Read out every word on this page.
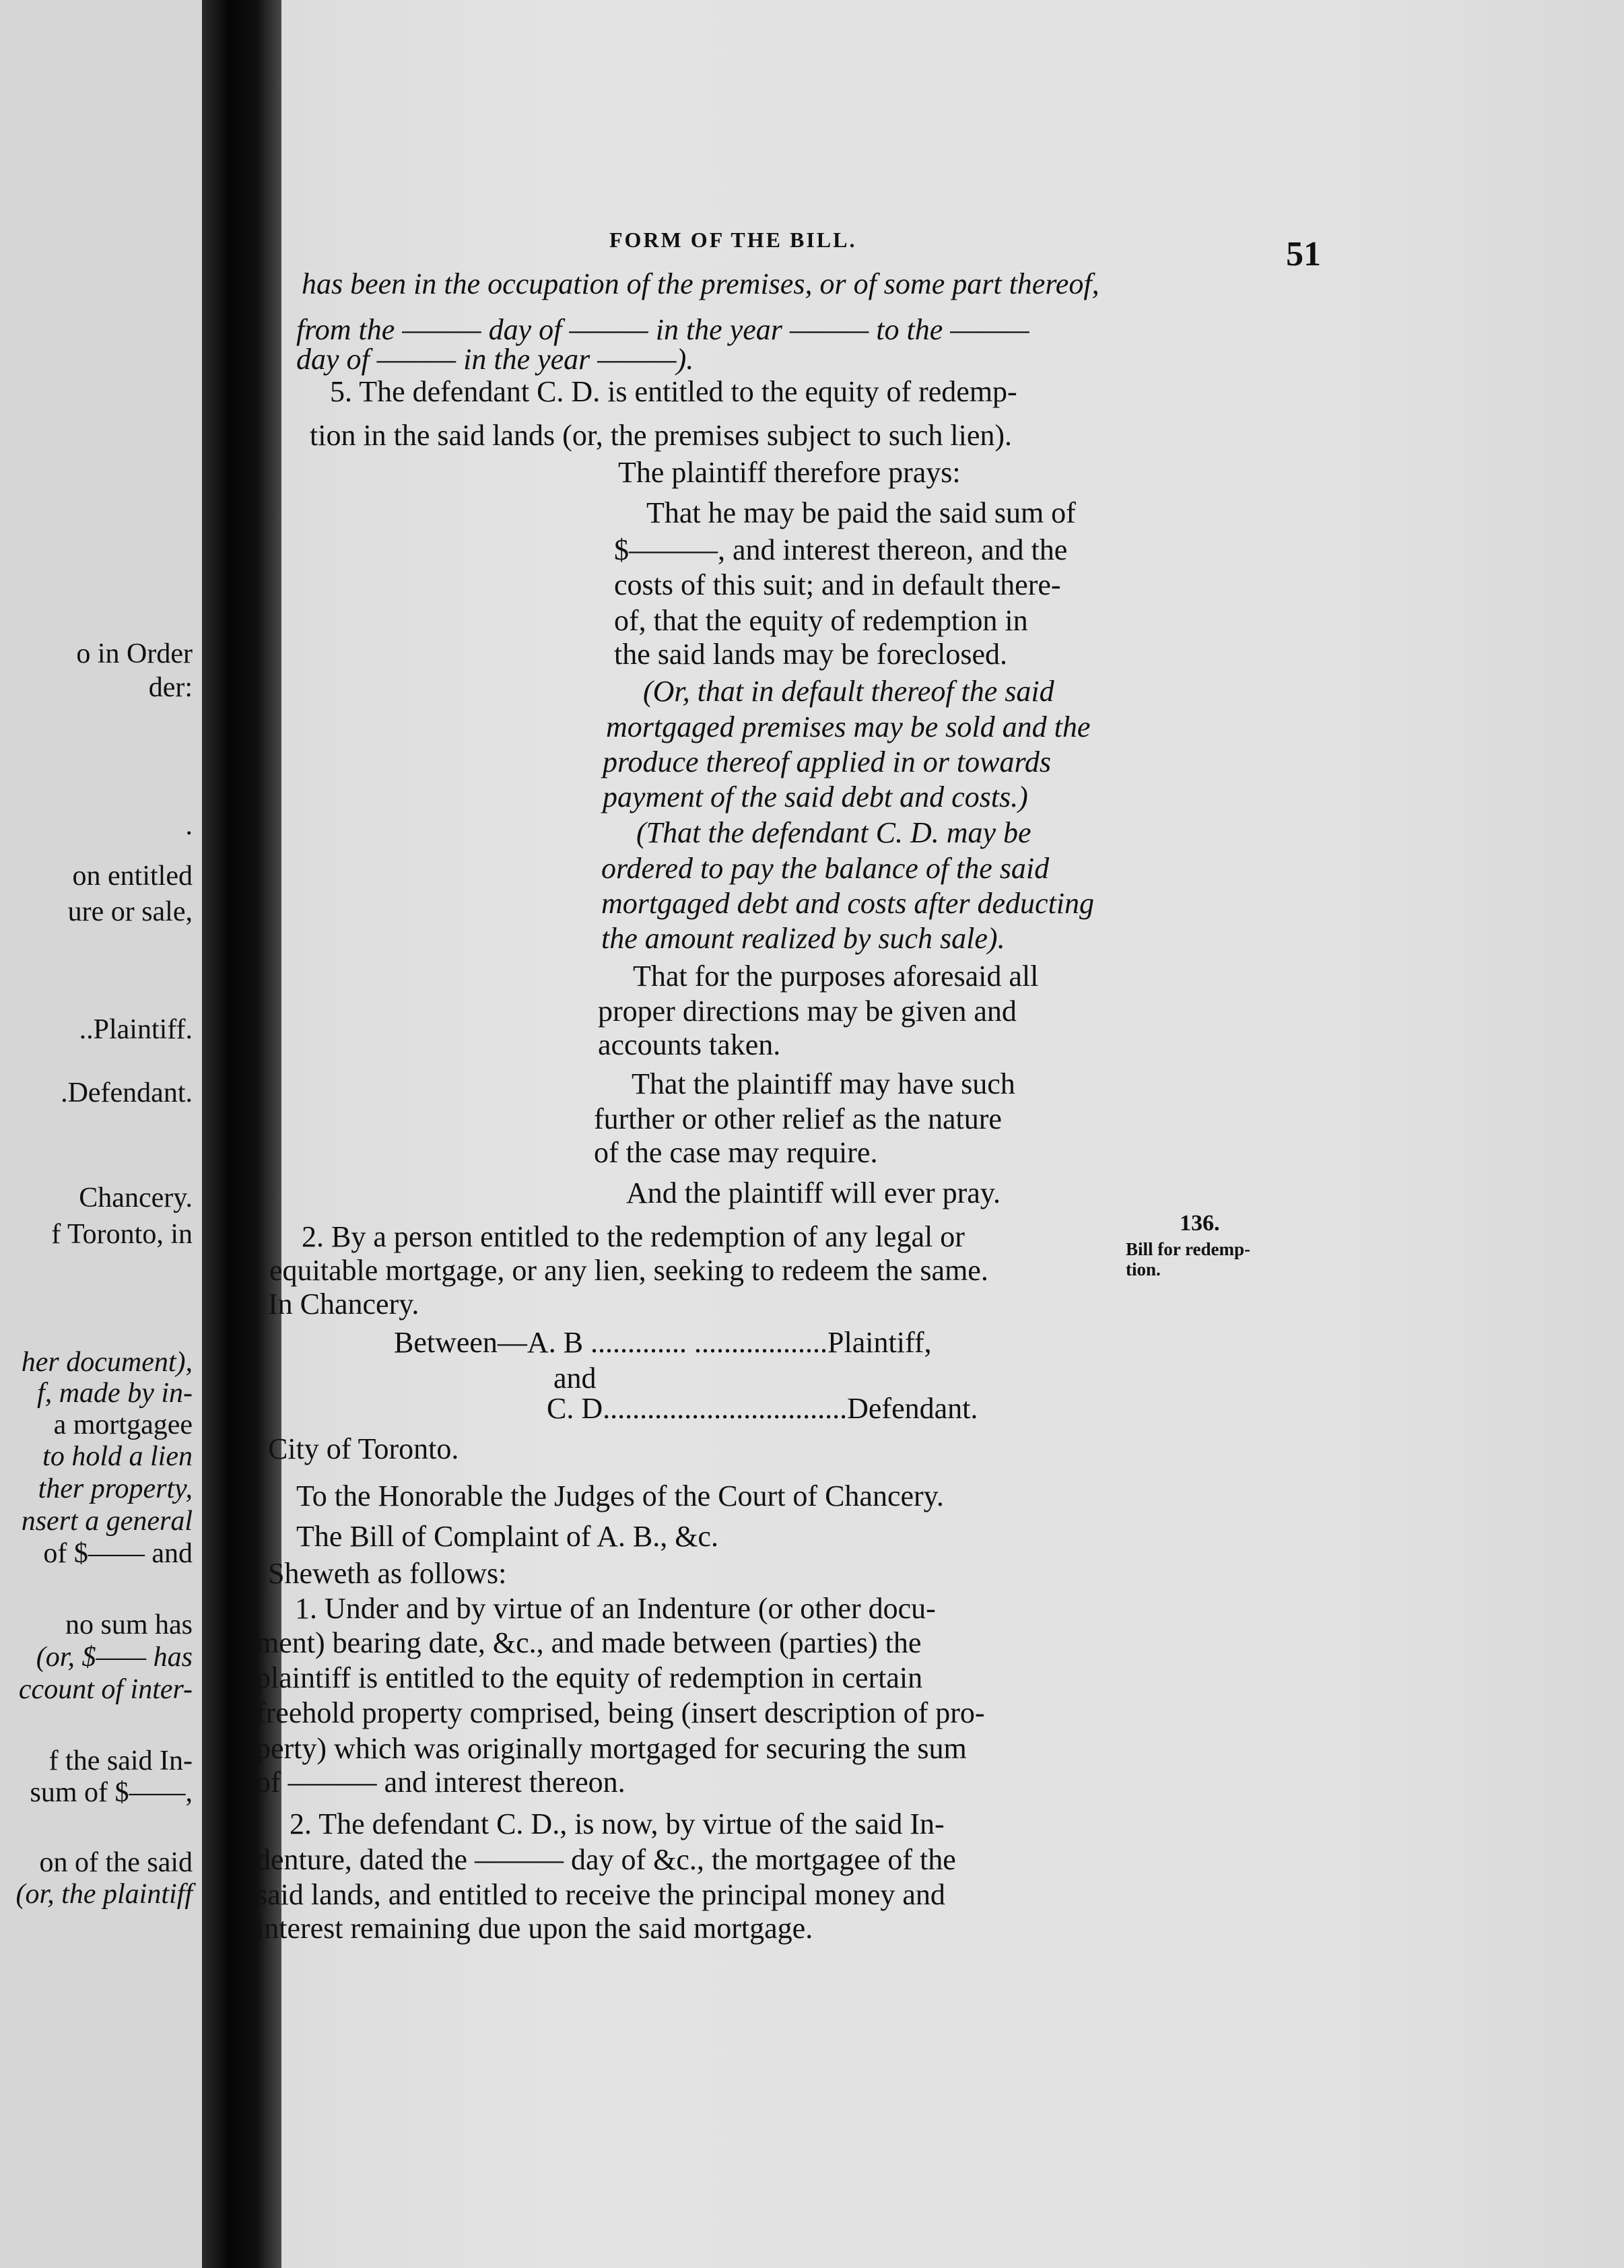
o in Order
der:
.
on entitled
ure or sale,
..Plaintiff.
.Defendant.
Chancery.
f Toronto, in
her document),
f, made by in-
a mortgagee
to hold a lien
ther property,
nsert a general
of $—— and
no sum has
(or, $—— has
ccount of inter-
f the said In-
sum of $——,
on of the said
(or, the plaintiff
FORM OF THE BILL.	51
has been in the occupation of the premises, or of some part thereof,
from the ——— day of ——— in the year ——— to the ———
day of ——— in the year ———).
5. The defendant C. D. is entitled to the equity of redemp-
tion in the said lands (or, the premises subject to such lien).
The plaintiff therefore prays:
That he may be paid the said sum of
$———, and interest thereon, and the
costs of this suit; and in default there-
of, that the equity of redemption in
the said lands may be foreclosed.
(Or, that in default thereof the said
mortgaged premises may be sold and the
produce thereof applied in or towards
payment of the said debt and costs.)
(That the defendant C. D. may be
ordered to pay the balance of the said
mortgaged debt and costs after deducting
the amount realized by such sale).
That for the purposes aforesaid all
proper directions may be given and
accounts taken.
That the plaintiff may have such
further or other relief as the nature
of the case may require.
And the plaintiff will ever pray.
2. By a person entitled to the redemption of any legal or
equitable mortgage, or any lien, seeking to redeem the same.
In Chancery.
Between—A. B ............. ..................Plaintiff,
and
C. D.................................Defendant.
City of Toronto.
To the Honorable the Judges of the Court of Chancery.
The Bill of Complaint of A. B., &c.
Sheweth as follows:
1. Under and by virtue of an Indenture (or other docu-
ment) bearing date, &c., and made between (parties) the
plaintiff is entitled to the equity of redemption in certain
freehold property comprised, being (insert description of pro-
perty) which was originally mortgaged for securing the sum
of ——— and interest thereon.
2. The defendant C. D., is now, by virtue of the said In-
denture, dated the ——— day of &c., the mortgagee of the
said lands, and entitled to receive the principal money and
interest remaining due upon the said mortgage.
136.
Bill for redemp-
tion.
